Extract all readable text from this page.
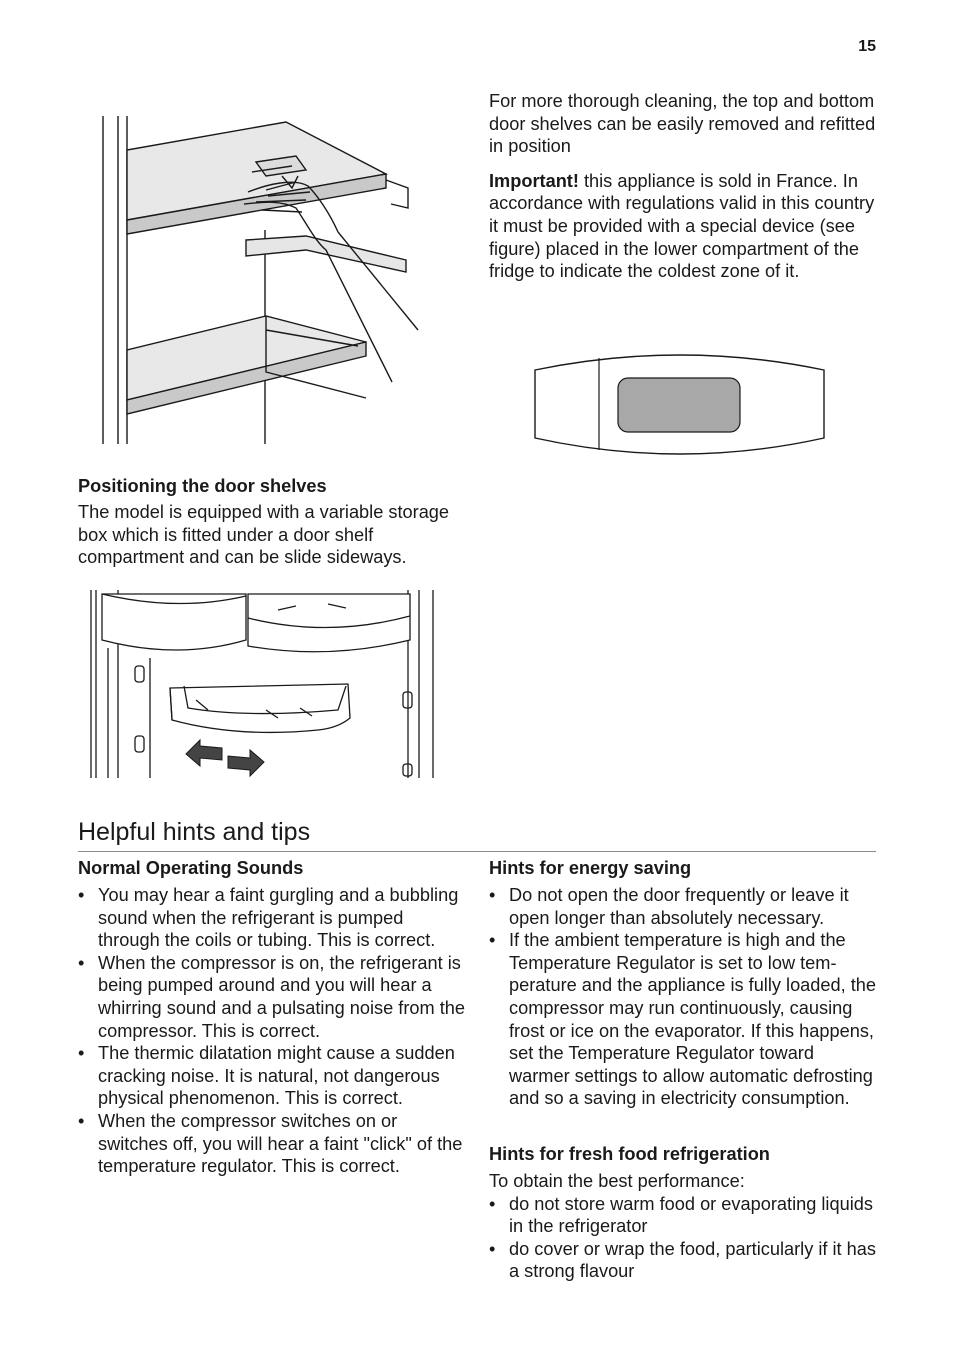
15

For more thorough cleaning, the top and bottom door shelves can be easily removed and refitted in position

Important! this appliance is sold in France. In accordance with regulations valid in this country it must be provided with a special device (see figure) placed in the lower compartment of the fridge to indicate the coldest zone of it.

Positioning the door shelves

The model is equipped with a variable storage box which is fitted under a door shelf compartment and can be slide sideways.

Helpful hints and tips

Normal Operating Sounds

• You may hear a faint gurgling and a bubbling sound when the refrigerant is pumped through the coils or tubing. This is correct.
• When the compressor is on, the refrigerant is being pumped around and you will hear a whirring sound and a pulsating noise from the compressor. This is correct.
• The thermic dilatation might cause a sudden cracking noise. It is natural, not dangerous physical phenomenon. This is correct.
• When the compressor switches on or switches off, you will hear a faint "click" of the temperature regulator. This is correct.

Hints for energy saving

• Do not open the door frequently or leave it open longer than absolutely necessary.
• If the ambient temperature is high and the Temperature Regulator is set to low temperature and the appliance is fully loaded, the compressor may run continuously, causing frost or ice on the evaporator. If this happens, set the Temperature Regulator toward warmer settings to allow automatic defrosting and so a saving in electricity consumption.

Hints for fresh food refrigeration

To obtain the best performance:

• do not store warm food or evaporating liquids in the refrigerator
• do cover or wrap the food, particularly if it has a strong flavour
